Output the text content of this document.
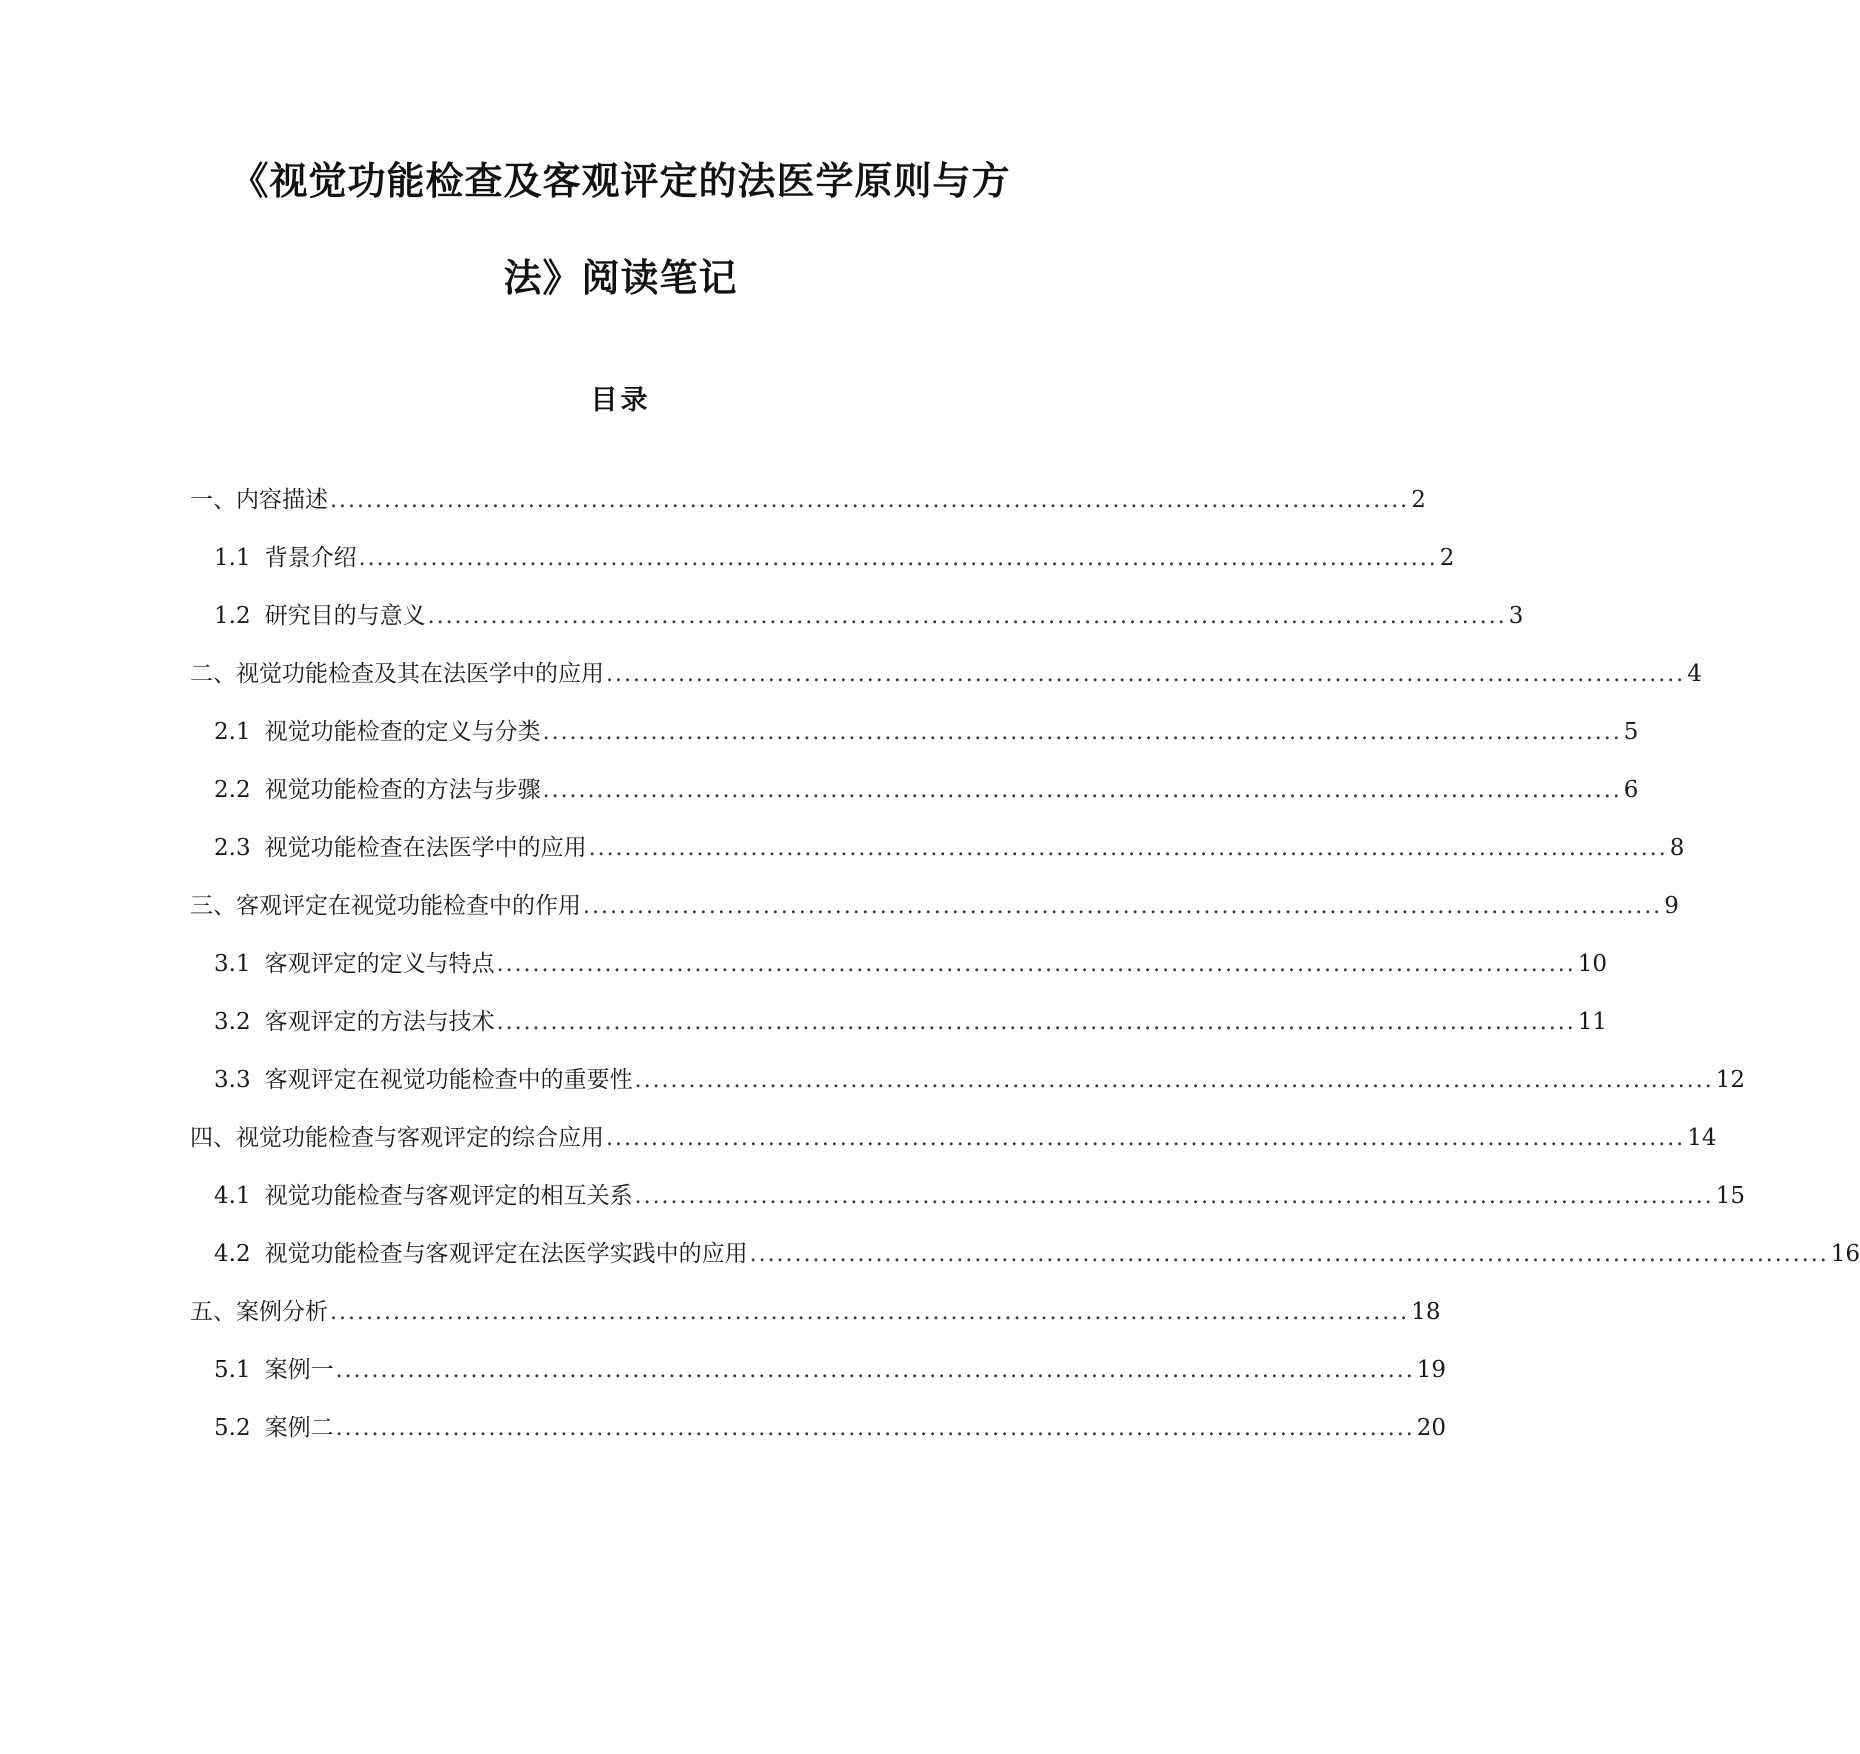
《视觉功能检查及客观评定的法医学原则与方
法》阅读笔记
目录
一、内容描述 ........................................................................................................................ 2
1.1 背景介绍 ........................................................................................................................ 2
1.2 研究目的与意义 ........................................................................................................................ 3
二、视觉功能检查及其在法医学中的应用 ........................................................................................................................ 4
2.1 视觉功能检查的定义与分类 ........................................................................................................................ 5
2.2 视觉功能检查的方法与步骤 ........................................................................................................................ 6
2.3 视觉功能检查在法医学中的应用 ........................................................................................................................ 8
三、客观评定在视觉功能检查中的作用 ........................................................................................................................ 9
3.1 客观评定的定义与特点 ........................................................................................................................ 10
3.2 客观评定的方法与技术 ........................................................................................................................ 11
3.3 客观评定在视觉功能检查中的重要性 ........................................................................................................................ 12
四、视觉功能检查与客观评定的综合应用 ........................................................................................................................ 14
4.1 视觉功能检查与客观评定的相互关系 ........................................................................................................................ 15
4.2 视觉功能检查与客观评定在法医学实践中的应用 ........................................................................................................................ 16
五、案例分析 ........................................................................................................................ 18
5.1 案例一 ........................................................................................................................ 19
5.2 案例二 ........................................................................................................................ 20
